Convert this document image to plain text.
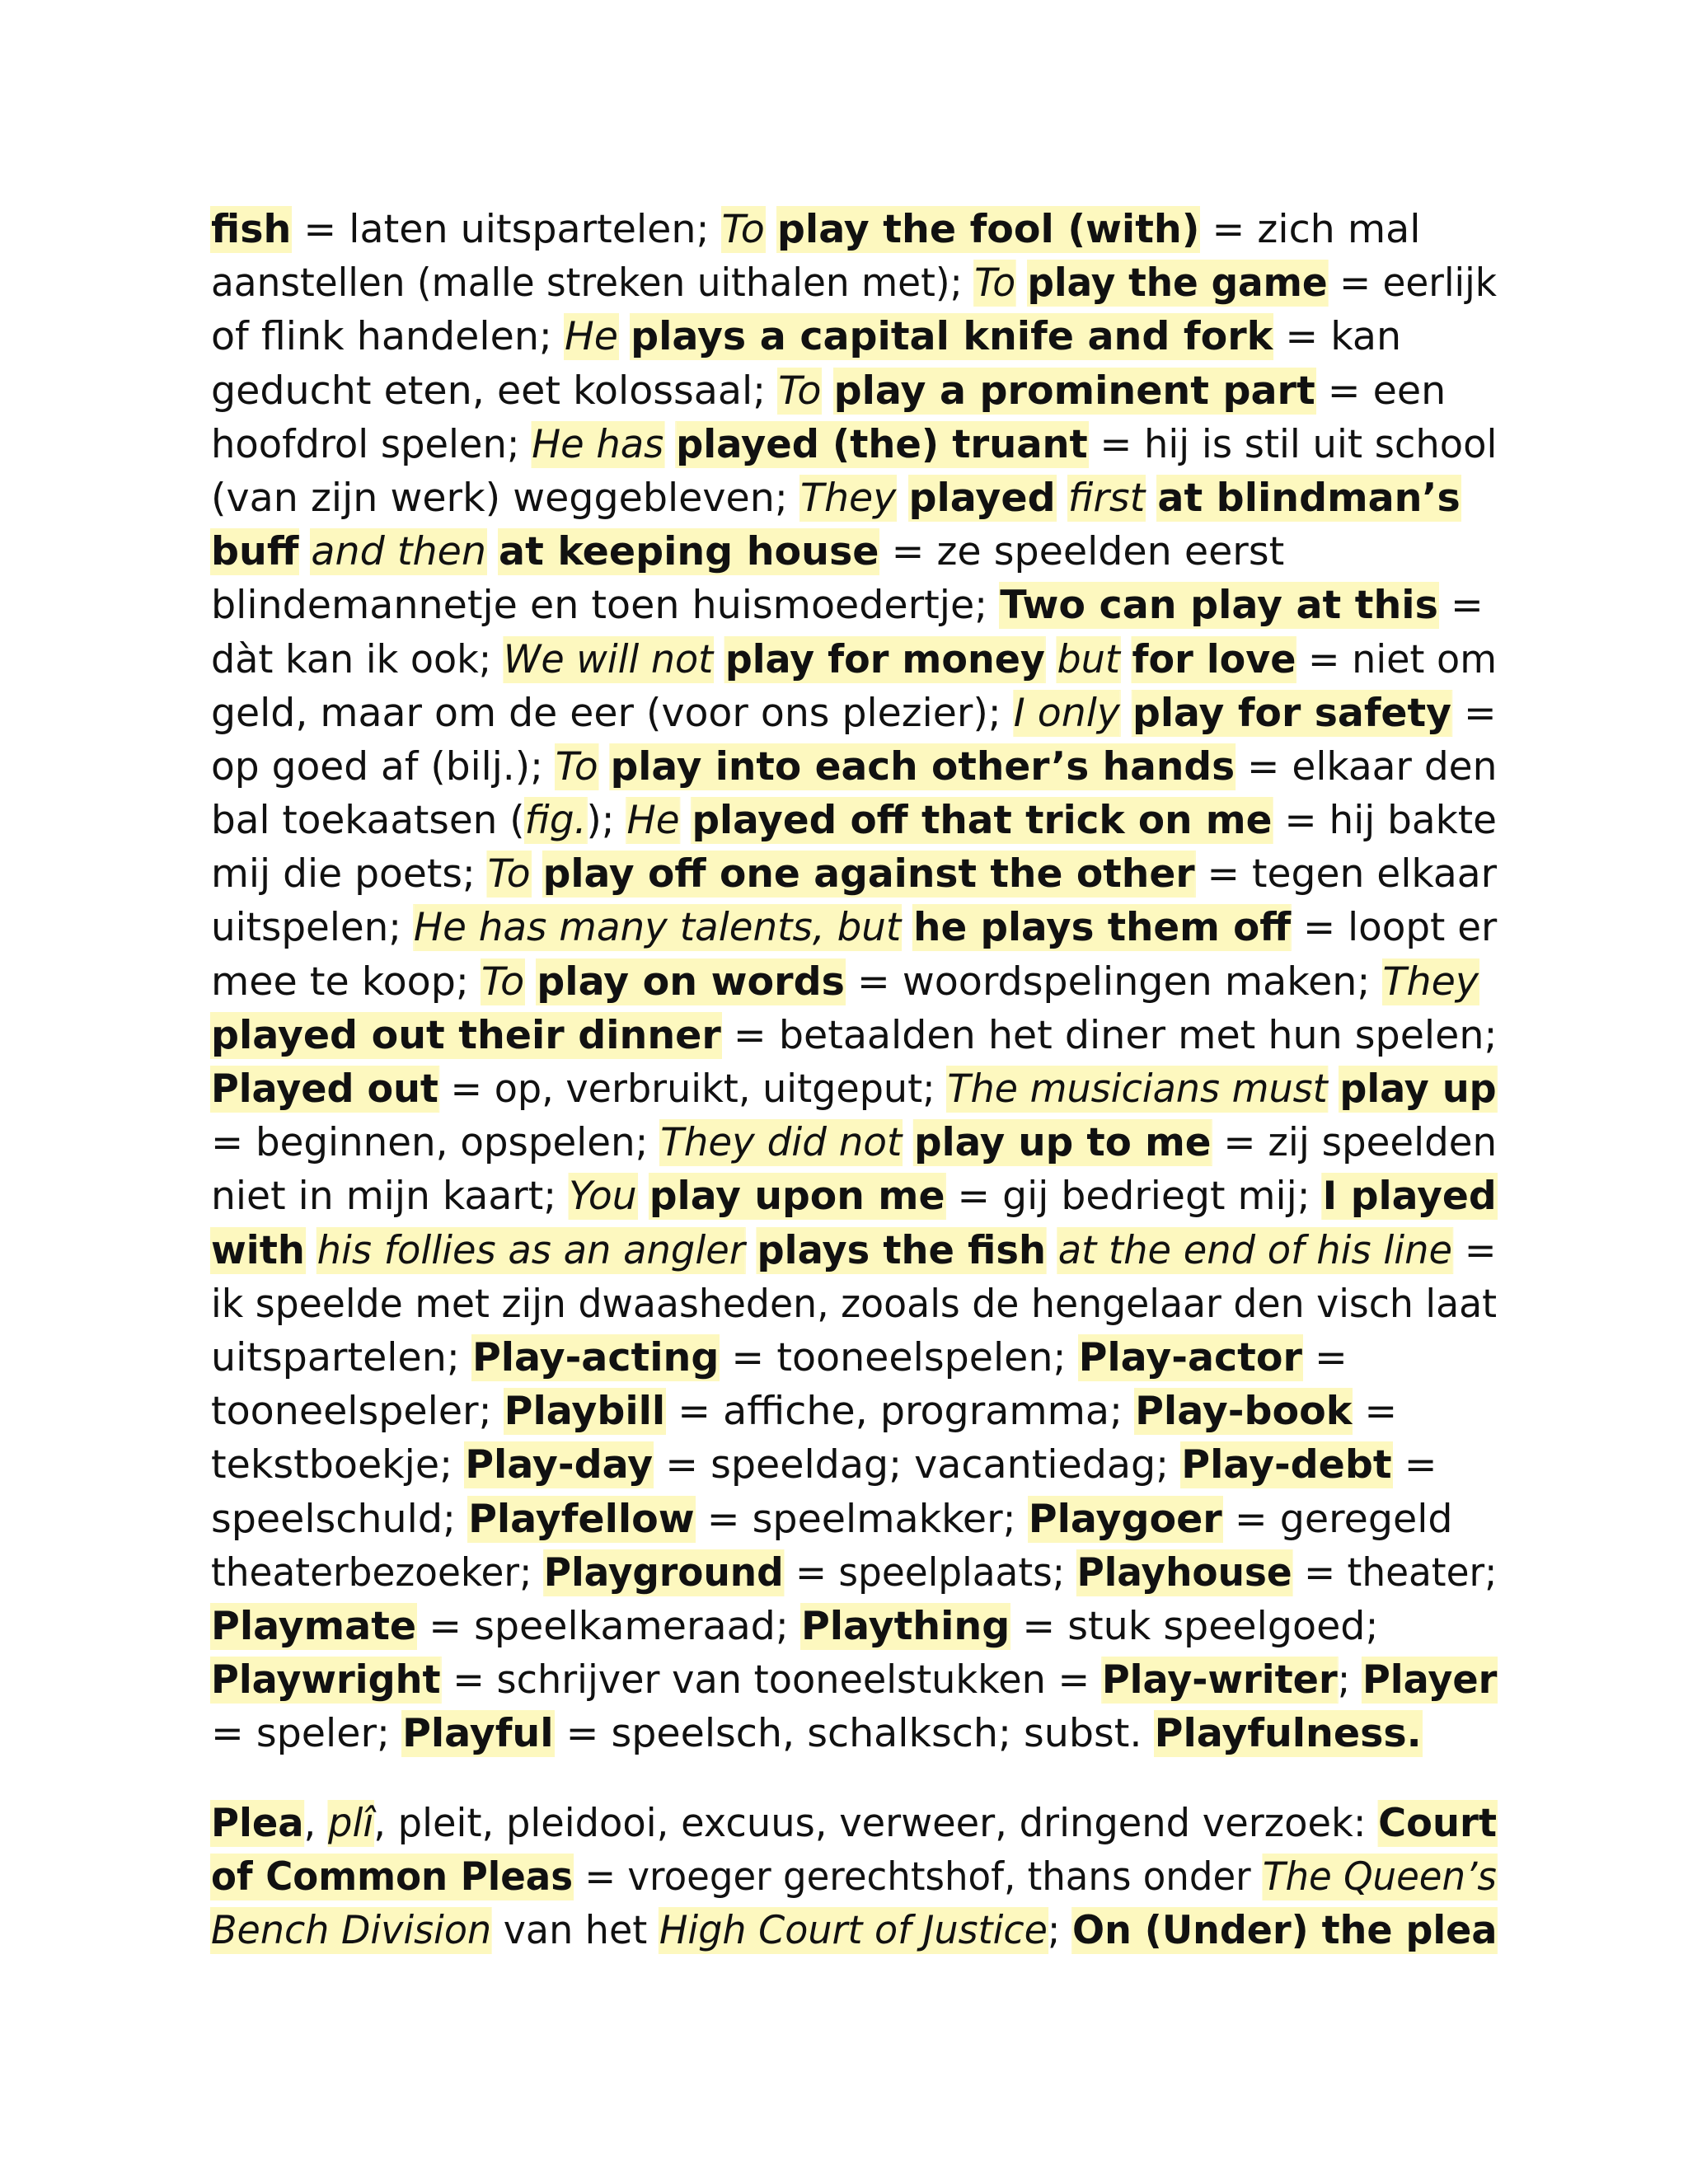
fish = laten uitspartelen; To play the fool (with) = zich mal
aanstellen (malle streken uithalen met); To play the game = eerlijk
of flink handelen; He plays a capital knife and fork = kan
geducht eten, eet kolossaal; To play a prominent part = een
hoofdrol spelen; He has played (the) truant = hij is stil uit school
(van zijn werk) weggebleven; They played first at blindman’s
buff and then at keeping house = ze speelden eerst
blindemannetje en toen huismoedertje; Two can play at this =
dàt kan ik ook; We will not play for money but for love = niet om
geld, maar om de eer (voor ons plezier); I only play for safety =
op goed af (bilj.); To play into each other’s hands = elkaar den
bal toekaatsen (fig.); He played off that trick on me = hij bakte
mij die poets; To play off one against the other = tegen elkaar
uitspelen; He has many talents, but he plays them off = loopt er
mee te koop; To play on words = woordspelingen maken; They
played out their dinner = betaalden het diner met hun spelen;
Played out = op, verbruikt, uitgeput; The musicians must play up
= beginnen, opspelen; They did not play up to me = zij speelden
niet in mijn kaart; You play upon me = gij bedriegt mij; I played
with his follies as an angler plays the fish at the end of his line =
ik speelde met zijn dwaasheden, zooals de hengelaar den visch laat
uitspartelen; Play-acting = tooneelspelen; Play-actor =
tooneelspeler; Playbill = affiche, programma; Play-book =
tekstboekje; Play-day = speeldag; vacantiedag; Play-debt =
speelschuld; Playfellow = speelmakker; Playgoer = geregeld
theaterbezoeker; Playground = speelplaats; Playhouse = theater;
Playmate = speelkameraad; Plaything = stuk speelgoed;
Playwright = schrijver van tooneelstukken = Play-writer; Player
= speler; Playful = speelsch, schalksch; subst. Playfulness.
Plea, plî, pleit, pleidooi, excuus, verweer, dringend verzoek: Court
of Common Pleas = vroeger gerechtshof, thans onder The Queen’s
Bench Division van het High Court of Justice; On (Under) the plea
